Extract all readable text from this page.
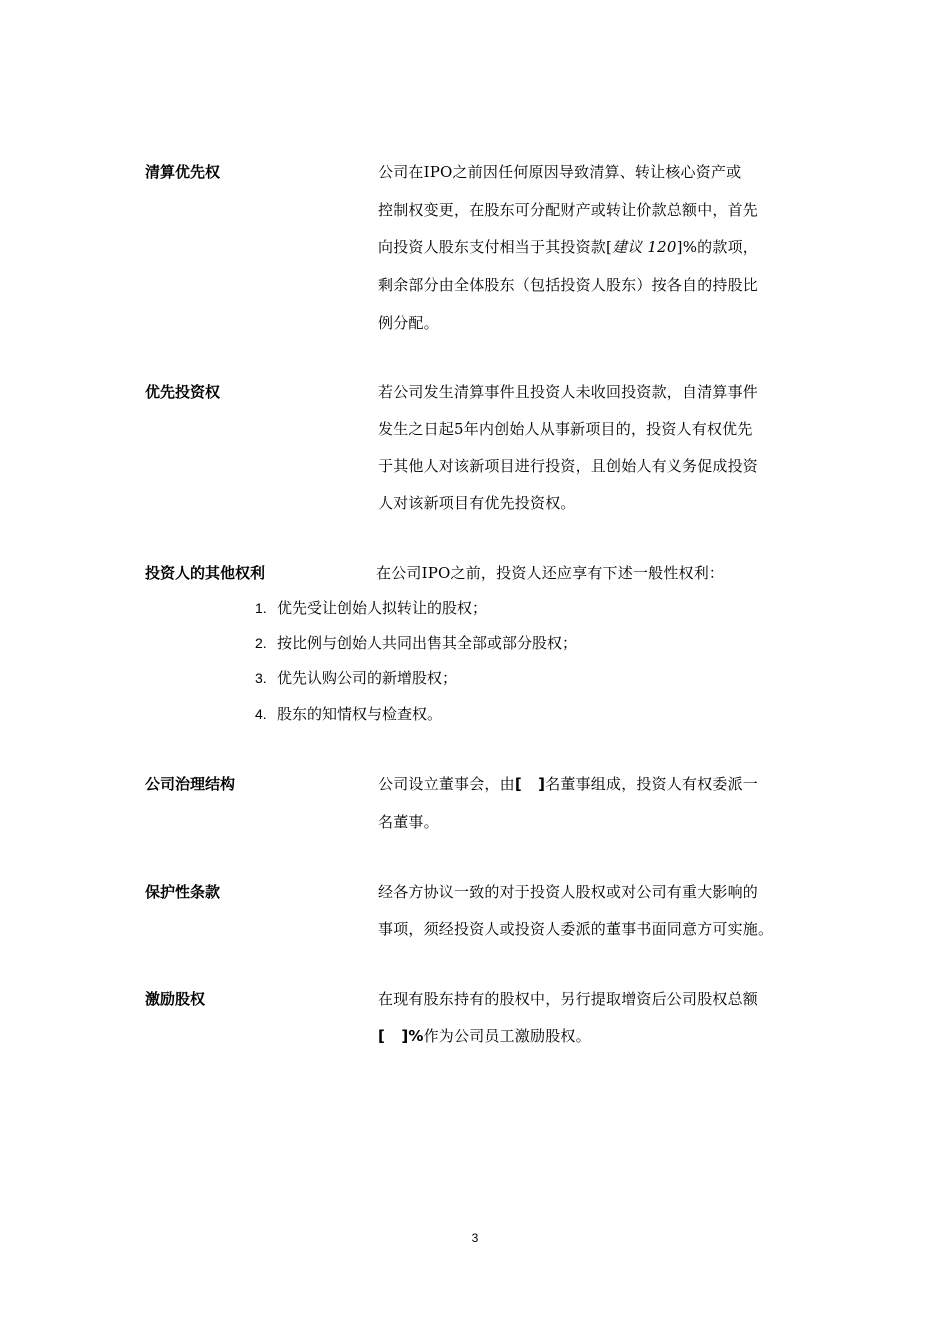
清算优先权	公司在IPO之前因任何原因导致清算、转让核心资产或
控制权变更，在股东可分配财产或转让价款总额中，首先
向投资人股东支付相当于其投资款[建议 120]%的款项，
剩余部分由全体股东（包括投资人股东）按各自的持股比
例分配。
优先投资权	若公司发生清算事件且投资人未收回投资款，自清算事件
发生之日起5年内创始人从事新项目的，投资人有权优先
于其他人对该新项目进行投资，且创始人有义务促成投资
人对该新项目有优先投资权。
投资人的其他权利	在公司IPO之前，投资人还应享有下述一般性权利：
1. 优先受让创始人拟转让的股权；
2. 按比例与创始人共同出售其全部或部分股权；
3. 优先认购公司的新增股权；
4. 股东的知情权与检查权。
公司治理结构	公司设立董事会，由[   ]名董事组成，投资人有权委派一
名董事。
保护性条款	经各方协议一致的对于投资人股权或对公司有重大影响的
事项，须经投资人或投资人委派的董事书面同意方可实施。
激励股权	在现有股东持有的股权中，另行提取增资后公司股权总额
[   ]%作为公司员工激励股权。
3
